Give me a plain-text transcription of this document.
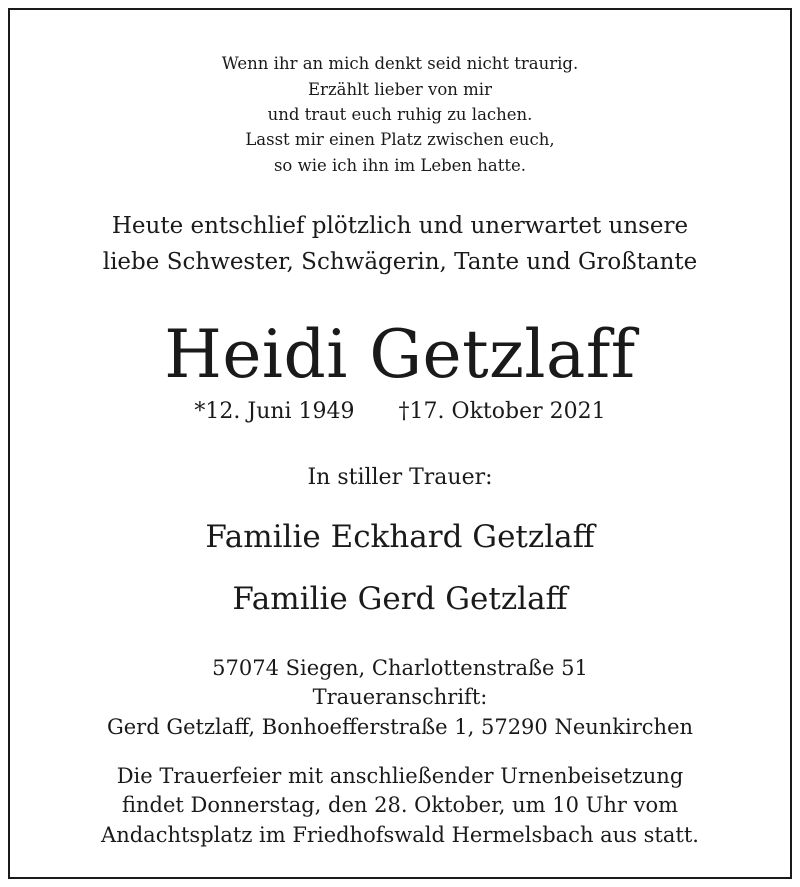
Wenn ihr an mich denkt seid nicht traurig.
Erzählt lieber von mir
und traut euch ruhig zu lachen.
Lasst mir einen Platz zwischen euch,
so wie ich ihn im Leben hatte.
Heute entschlief plötzlich und unerwartet unsere
liebe Schwester, Schwägerin, Tante und Großtante
Heidi Getzlaff
*12. Juni 1949 †17. Oktober 2021
In stiller Trauer:
Familie Eckhard Getzlaff
Familie Gerd Getzlaff
57074 Siegen, Charlottenstraße 51
Traueranschrift:
Gerd Getzlaff, Bonhoefferstraße 1, 57290 Neunkirchen
Die Trauerfeier mit anschließender Urnenbeisetzung
findet Donnerstag, den 28. Oktober, um 10 Uhr vom
Andachtsplatz im Friedhofswald Hermelsbach aus statt.
